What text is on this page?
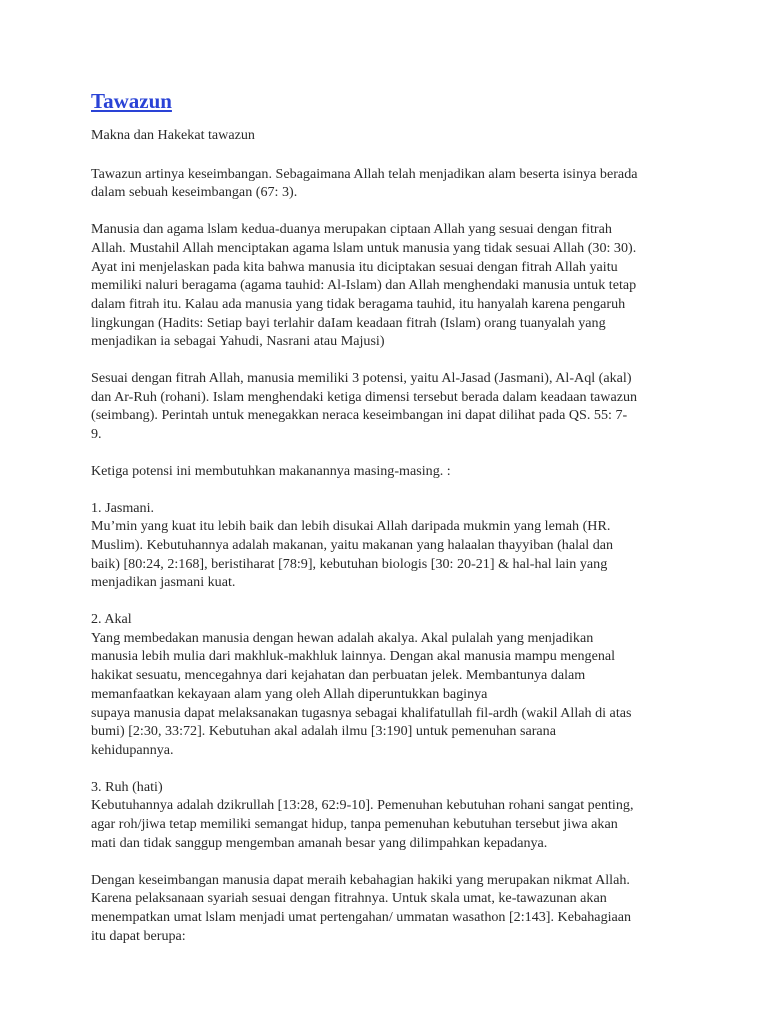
Tawazun
Makna dan Hakekat tawazun
Tawazun artinya keseimbangan. Sebagaimana Allah telah menjadikan alam beserta isinya berada
dalam sebuah keseimbangan (67: 3).
Manusia dan agama lslam kedua-duanya merupakan ciptaan Allah yang sesuai dengan fitrah
Allah. Mustahil Allah menciptakan agama lslam untuk manusia yang tidak sesuai Allah (30: 30).
Ayat ini menjelaskan pada kita bahwa manusia itu diciptakan sesuai dengan fitrah Allah yaitu
memiliki naluri beragama (agama tauhid: Al-Islam) dan Allah menghendaki manusia untuk tetap
dalam fitrah itu. Kalau ada manusia yang tidak beragama tauhid, itu hanyalah karena pengaruh
lingkungan (Hadits: Setiap bayi terlahir daIam keadaan fitrah (Islam) orang tuanyalah yang
menjadikan ia sebagai Yahudi, Nasrani atau Majusi)
Sesuai dengan fitrah Allah, manusia memiliki 3 potensi, yaitu Al-Jasad (Jasmani), Al-Aql (akal)
dan Ar-Ruh (rohani). Islam menghendaki ketiga dimensi tersebut berada dalam keadaan tawazun
(seimbang). Perintah untuk menegakkan neraca keseimbangan ini dapat dilihat pada QS. 55: 7-
9.
Ketiga potensi ini membutuhkan makanannya masing-masing. :
1. Jasmani.
Mu’min yang kuat itu lebih baik dan lebih disukai Allah daripada mukmin yang lemah (HR.
Muslim). Kebutuhannya adalah makanan, yaitu makanan yang halaalan thayyiban (halal dan
baik) [80:24, 2:168], beristiharat [78:9], kebutuhan biologis [30: 20-21] & hal-hal lain yang
menjadikan jasmani kuat.
2. Akal
Yang membedakan manusia dengan hewan adalah akalya. Akal pulalah yang menjadikan
manusia lebih mulia dari makhluk-makhluk lainnya. Dengan akal manusia mampu mengenal
hakikat sesuatu, mencegahnya dari kejahatan dan perbuatan jelek. Membantunya dalam
memanfaatkan kekayaan alam yang oleh Allah diperuntukkan baginya
supaya manusia dapat melaksanakan tugasnya sebagai khalifatullah fil-ardh (wakil Allah di atas
bumi) [2:30, 33:72]. Kebutuhan akal adalah ilmu [3:190] untuk pemenuhan sarana
kehidupannya.
3. Ruh (hati)
Kebutuhannya adalah dzikrullah [13:28, 62:9-10]. Pemenuhan kebutuhan rohani sangat penting,
agar roh/jiwa tetap memiliki semangat hidup, tanpa pemenuhan kebutuhan tersebut jiwa akan
mati dan tidak sanggup mengemban amanah besar yang dilimpahkan kepadanya.
Dengan keseimbangan manusia dapat meraih kebahagian hakiki yang merupakan nikmat Allah.
Karena pelaksanaan syariah sesuai dengan fitrahnya. Untuk skala umat, ke-tawazunan akan
menempatkan umat lslam menjadi umat pertengahan/ ummatan wasathon [2:143]. Kebahagiaan
itu dapat berupa:
